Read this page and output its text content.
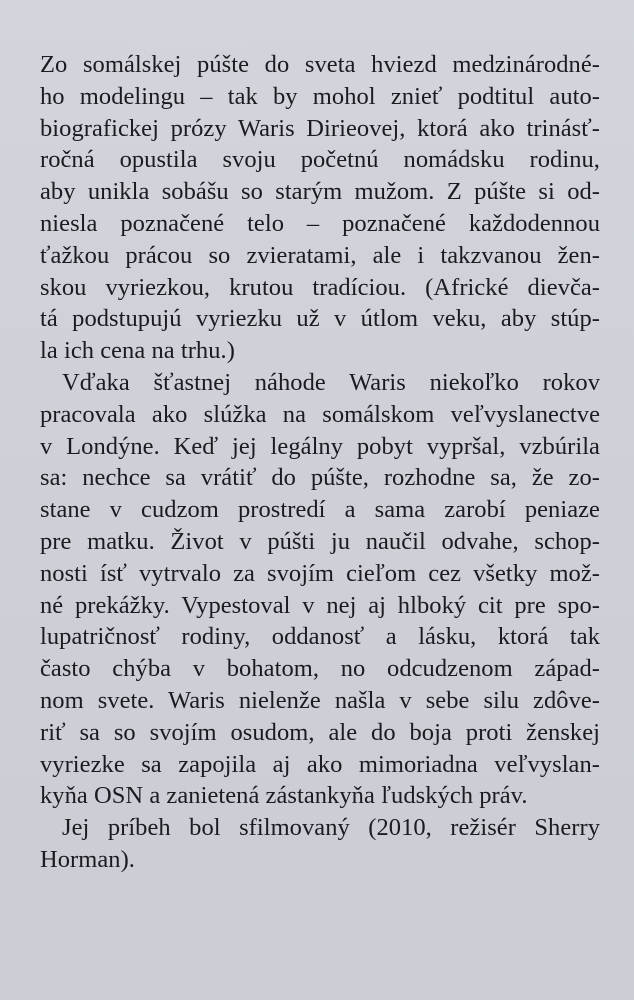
Zo somálskej púšte do sveta hviezd medzinárodné-
ho modelingu – tak by mohol znieť podtitul auto-
biografickej prózy Waris Dirieovej, ktorá ako trinásť-
ročná opustila svoju početnú nomádsku rodinu,
aby unikla sobášu so starým mužom. Z púšte si od-
niesla poznačené telo – poznačené každodennou
ťažkou prácou so zvieratami, ale i takzvanou žen-
skou vyriezkou, krutou tradíciou. (Africké dievča-
tá podstupujú vyriezku už v útlom veku, aby stúp-
la ich cena na trhu.)
Vďaka šťastnej náhode Waris niekoľko rokov
pracovala ako slúžka na somálskom veľvyslanectve
v Londýne. Keď jej legálny pobyt vypršal, vzbúrila
sa: nechce sa vrátiť do púšte, rozhodne sa, že zo-
stane v cudzom prostredí a sama zarobí peniaze
pre matku. Život v púšti ju naučil odvahe, schop-
nosti ísť vytrvalo za svojím cieľom cez všetky mož-
né prekážky. Vypestoval v nej aj hlboký cit pre spo-
lupatričnosť rodiny, oddanosť a lásku, ktorá tak
často chýba v bohatom, no odcudzenom západ-
nom svete. Waris nielenže našla v sebe silu zdôve-
riť sa so svojím osudom, ale do boja proti ženskej
vyriezke sa zapojila aj ako mimoriadna veľvyslan-
kyňa OSN a zanietená zástankyňa ľudských práv.
Jej príbeh bol sfilmovaný (2010, režisér Sherry
Horman).
